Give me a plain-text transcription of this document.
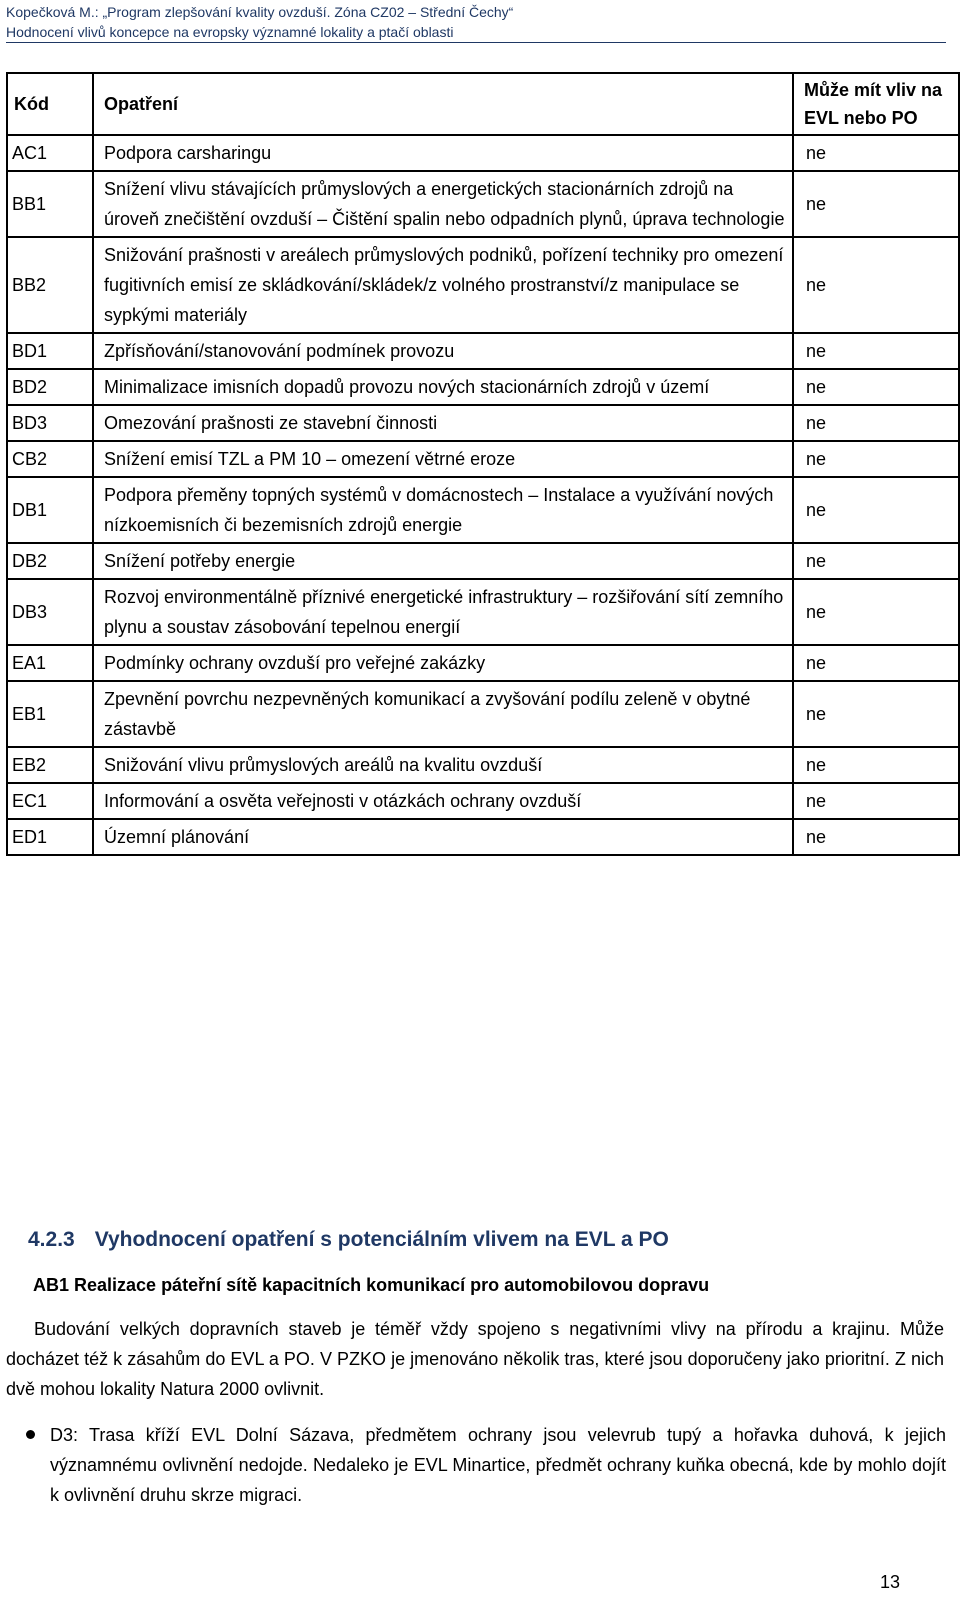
Kopečková M.: „Program zlepšování kvality ovzduší. Zóna CZ02 – Střední Čechy“
Hodnocení vlivů koncepce na evropsky významné lokality a ptačí oblasti
Kód	Opatření	Může mít vliv na EVL nebo PO
AC1	Podpora carsharingu	ne
BB1	Snížení vlivu stávajících průmyslových a energetických stacionárních zdrojů na úroveň znečištění ovzduší – Čištění spalin nebo odpadních plynů, úprava technologie	ne
BB2	Snižování prašnosti v areálech průmyslových podniků, pořízení techniky pro omezení fugitivních emisí ze skládkování/skládek/z volného prostranství/z manipulace se sypkými materiály	ne
BD1	Zpřísňování/stanovování podmínek provozu	ne
BD2	Minimalizace imisních dopadů provozu nových stacionárních zdrojů v území	ne
BD3	Omezování prašnosti ze stavební činnosti	ne
CB2	Snížení emisí TZL a PM 10 – omezení větrné eroze	ne
DB1	Podpora přeměny topných systémů v domácnostech – Instalace a využívání nových nízkoemisních či bezemisních zdrojů energie	ne
DB2	Snížení potřeby energie	ne
DB3	Rozvoj environmentálně příznivé energetické infrastruktury – rozšiřování sítí zemního plynu a soustav zásobování tepelnou energií	ne
EA1	Podmínky ochrany ovzduší pro veřejné zakázky	ne
EB1	Zpevnění povrchu nezpevněných komunikací a zvyšování podílu zeleně v obytné zástavbě	ne
EB2	Snižování vlivu průmyslových areálů na kvalitu ovzduší	ne
EC1	Informování a osvěta veřejnosti v otázkách ochrany ovzduší	ne
ED1	Územní plánování	ne
4.2.3 Vyhodnocení opatření s potenciálním vlivem na EVL a PO
AB1 Realizace páteřní sítě kapacitních komunikací pro automobilovou dopravu
Budování velkých dopravních staveb je téměř vždy spojeno s negativními vlivy na přírodu a krajinu. Může docházet též k zásahům do EVL a PO. V PZKO je jmenováno několik tras, které jsou doporučeny jako prioritní. Z nich dvě mohou lokality Natura 2000 ovlivnit.
D3: Trasa kříží EVL Dolní Sázava, předmětem ochrany jsou velevrub tupý a hořavka duhová, k jejich významnému ovlivnění nedojde. Nedaleko je EVL Minartice, předmět ochrany kuňka obecná, kde by mohlo dojít k ovlivnění druhu skrze migraci.
13
